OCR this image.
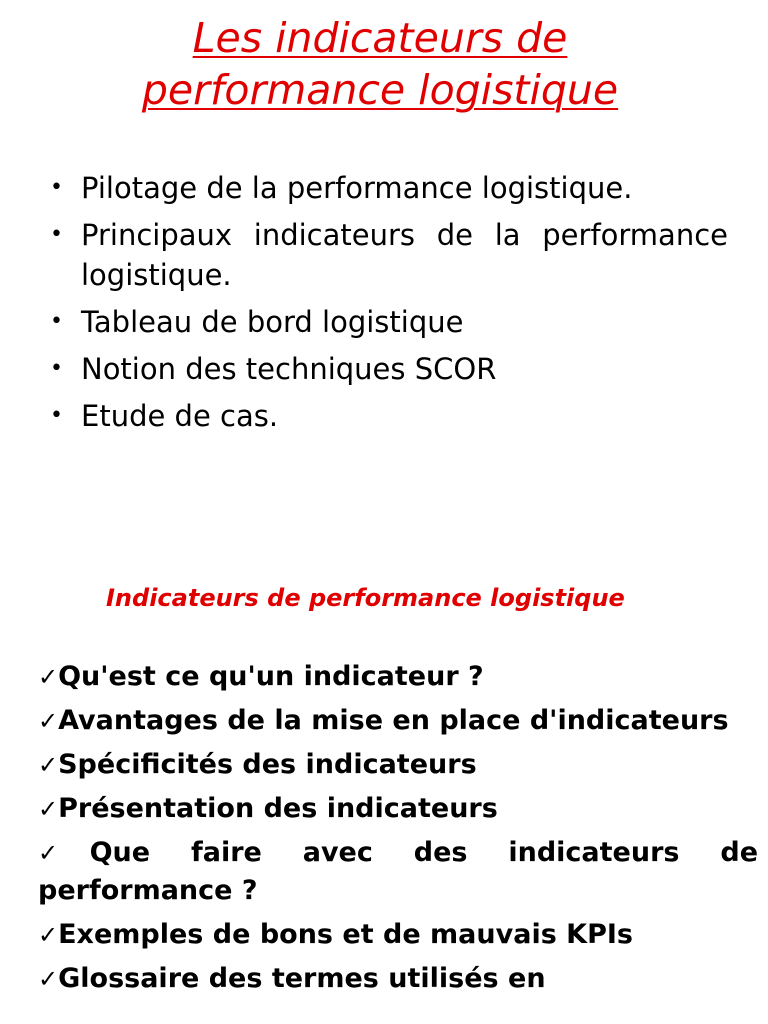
Les indicateurs de
performance logistique
• Pilotage de la performance logistique.
• Principaux indicateurs de la performance logistique.
• Tableau de bord logistique
• Notion des techniques SCOR
• Etude de cas.
Indicateurs de performance logistique
✓Qu'est ce qu'un indicateur ?
✓Avantages de la mise en place d'indicateurs
✓Spécificités des indicateurs
✓Présentation des indicateurs
✓Que faire avec des indicateurs de performance ?
✓Exemples de bons et de mauvais KPIs
✓Glossaire des termes utilisés en
